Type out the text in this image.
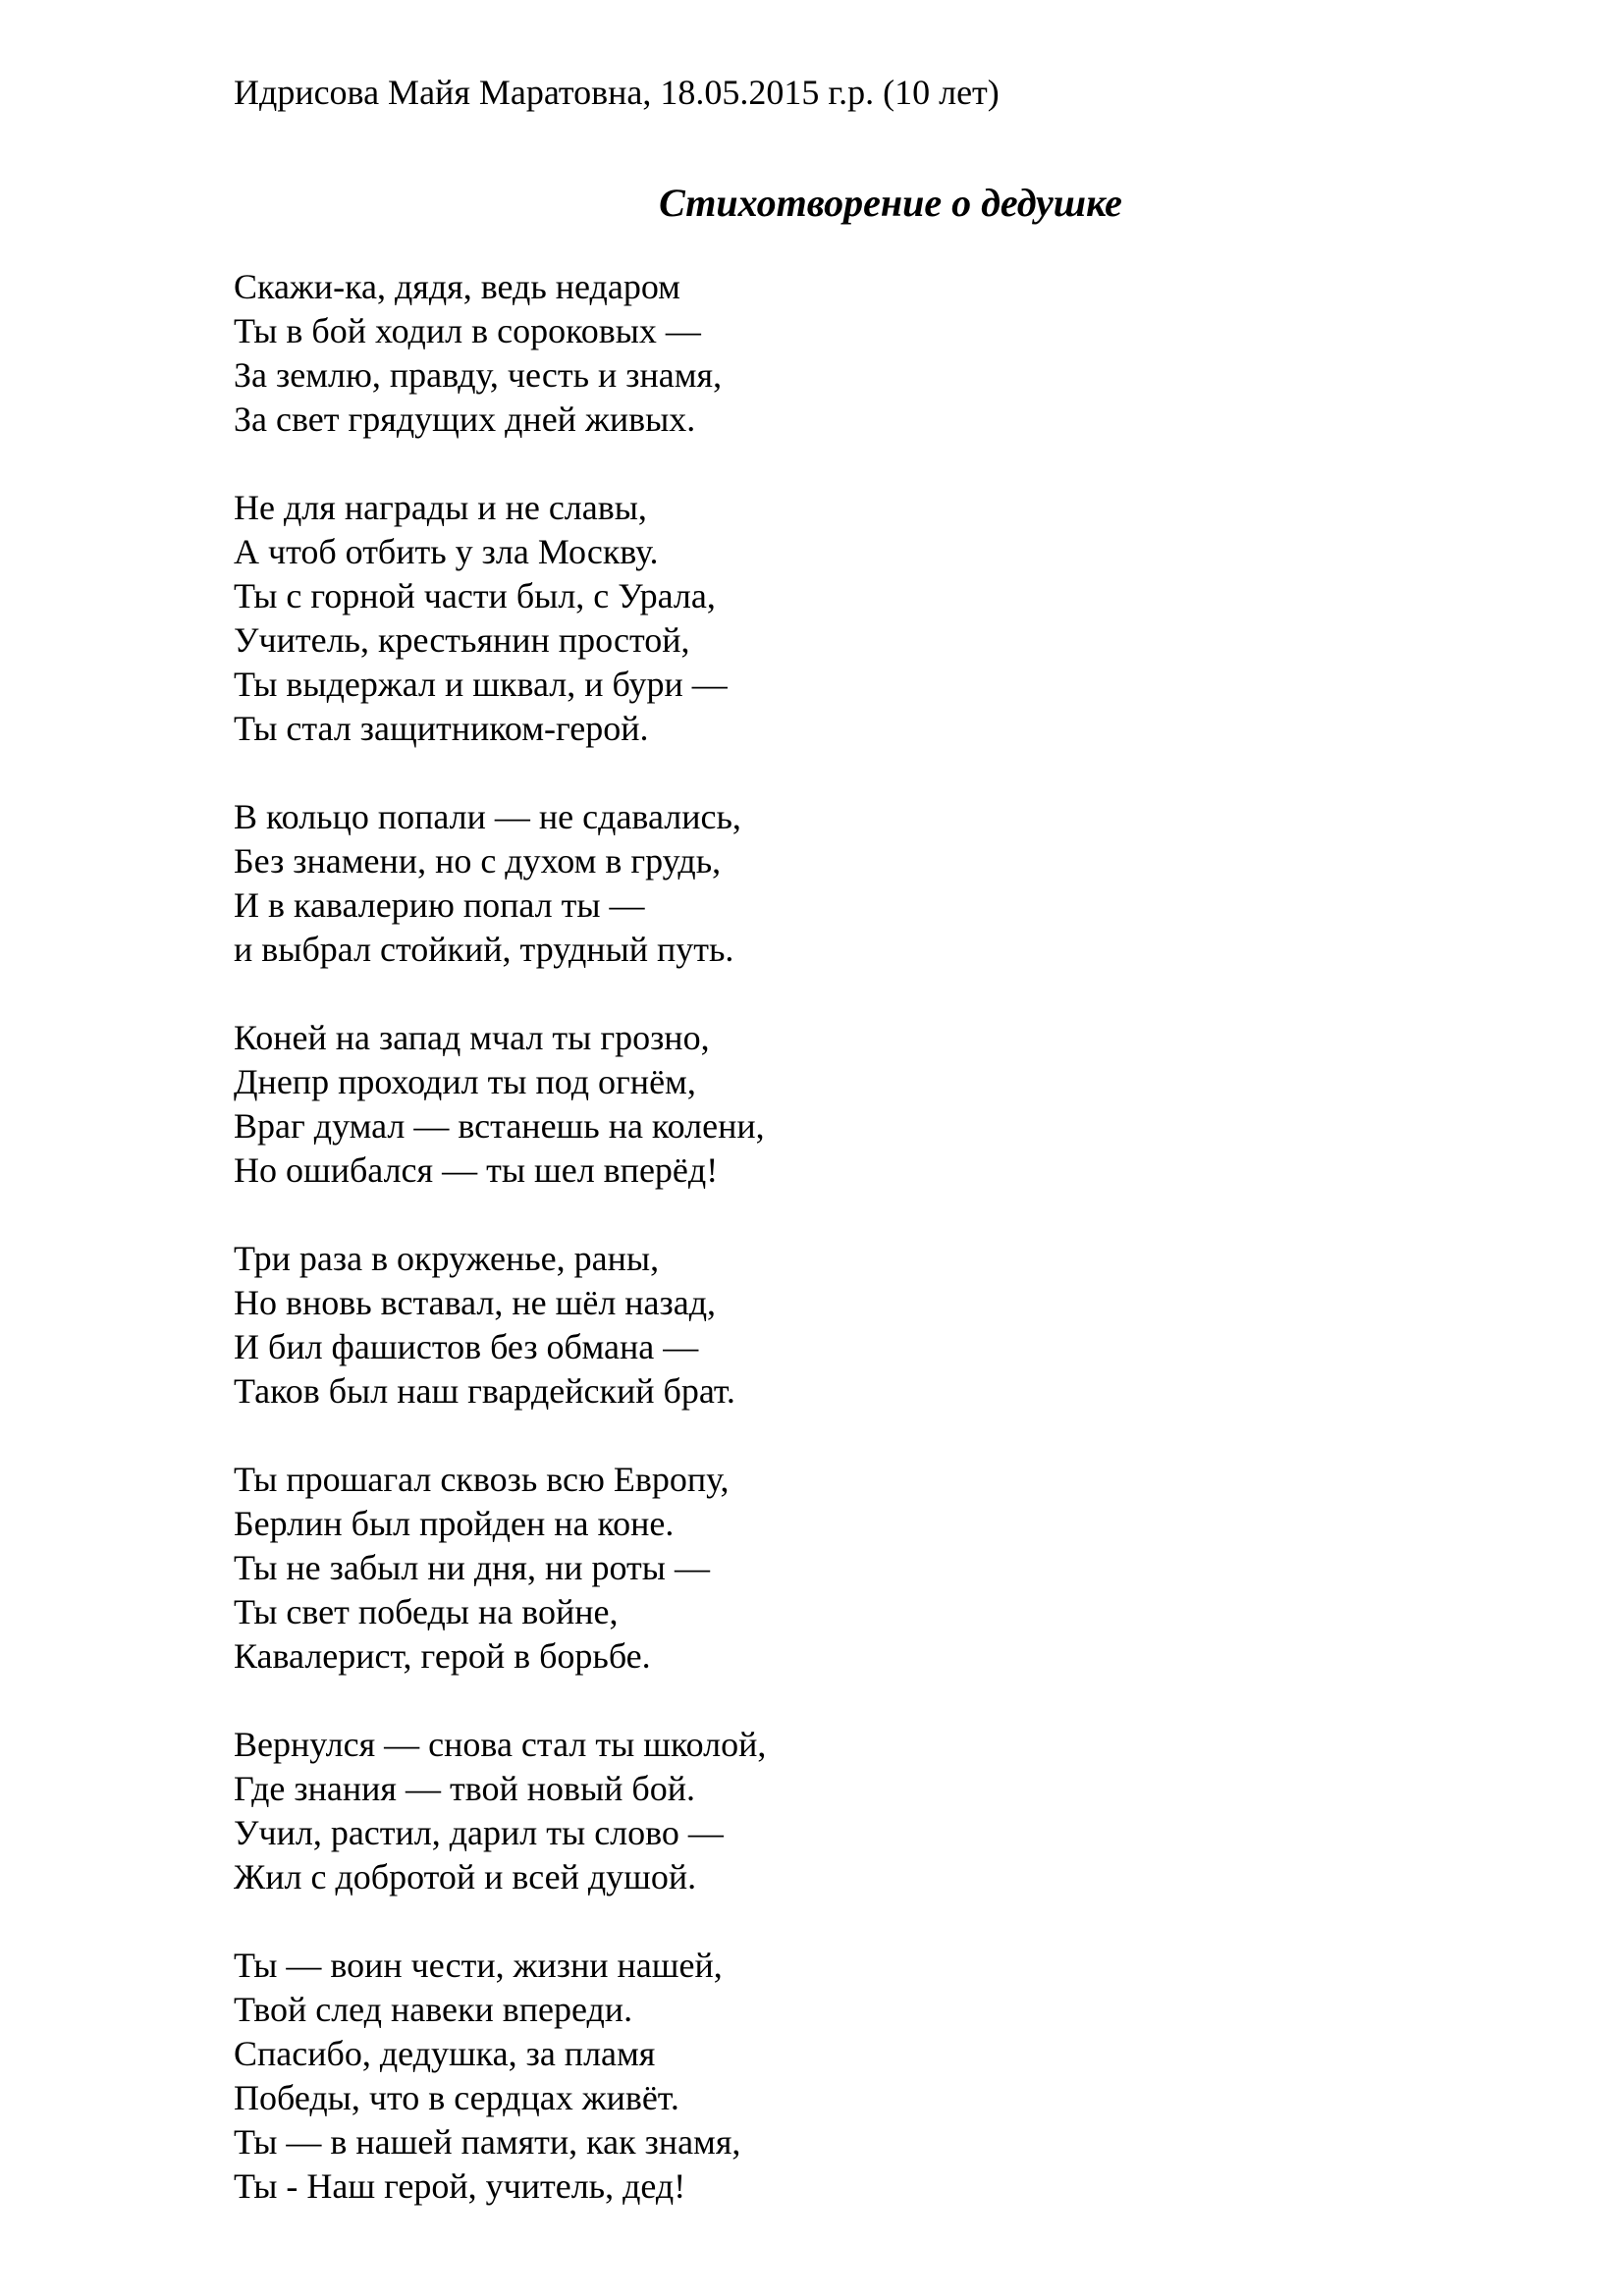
Идрисова Майя Маратовна, 18.05.2015 г.р. (10 лет)
Стихотворение о дедушке
Скажи-ка, дядя, ведь недаром
Ты в бой ходил в сороковых —
За землю, правду, честь и знамя,
За свет грядущих дней живых.
Не для награды и не славы,
А чтоб отбить у зла Москву.
Ты с горной части был, с Урала,
Учитель, крестьянин простой,
Ты выдержал и шквал, и бури —
Ты стал защитником-герой.
В кольцо попали — не сдавались,
Без знамени, но с духом в грудь,
И в кавалерию попал ты —
и выбрал стойкий, трудный путь.
Коней на запад мчал ты грозно,
Днепр проходил ты под огнём,
Враг думал — встанешь на колени,
Но ошибался — ты шел вперёд!
Три раза в окруженье, раны,
Но вновь вставал, не шёл назад,
И бил фашистов без обмана —
Таков был наш гвардейский брат.
Ты прошагал сквозь всю Европу,
Берлин был пройден на коне.
Ты не забыл ни дня, ни роты —
Ты свет победы на войне,
Кавалерист, герой в борьбе.
Вернулся — снова стал ты школой,
Где знания — твой новый бой.
Учил, растил, дарил ты слово —
Жил с добротой и всей душой.
Ты — воин чести, жизни нашей,
Твой след навеки впереди.
Спасибо, дедушка, за пламя
Победы, что в сердцах живёт.
Ты — в нашей памяти, как знамя,
Ты - Наш герой, учитель, дед!
